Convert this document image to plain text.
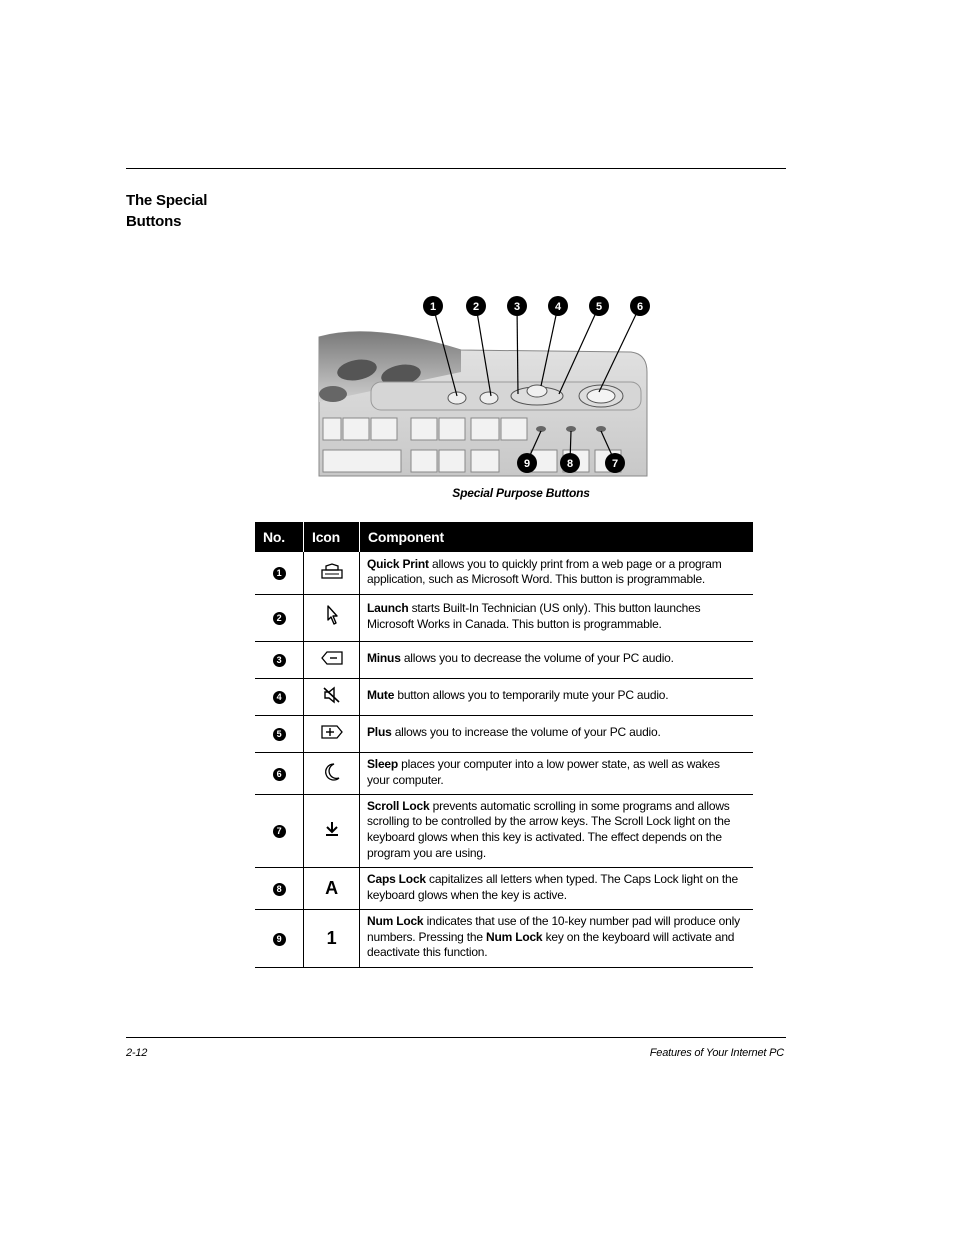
The Special
Buttons
1	2	3	4	5	6
9	8	7
Special Purpose Buttons
No.	Icon	Component
1		Quick Print allows you to quickly print from a web page or a program application, such as Microsoft Word. This button is programmable.
2		Launch starts Built-In Technician (US only). This button launches Microsoft Works in Canada. This button is programmable.
3		Minus allows you to decrease the volume of your PC audio.
4		Mute button allows you to temporarily mute your PC audio.
5		Plus allows you to increase the volume of your PC audio.
6		Sleep places your computer into a low power state, as well as wakes your computer.
7		Scroll Lock prevents automatic scrolling in some programs and allows scrolling to be controlled by the arrow keys. The Scroll Lock light on the keyboard glows when this key is activated. The effect depends on the program you are using.
8	A	Caps Lock capitalizes all letters when typed. The Caps Lock light on the keyboard glows when the key is active.
9	1	Num Lock indicates that use of the 10-key number pad will produce only numbers. Pressing the Num Lock key on the keyboard will activate and deactivate this function.
2-12	Features of Your Internet PC
